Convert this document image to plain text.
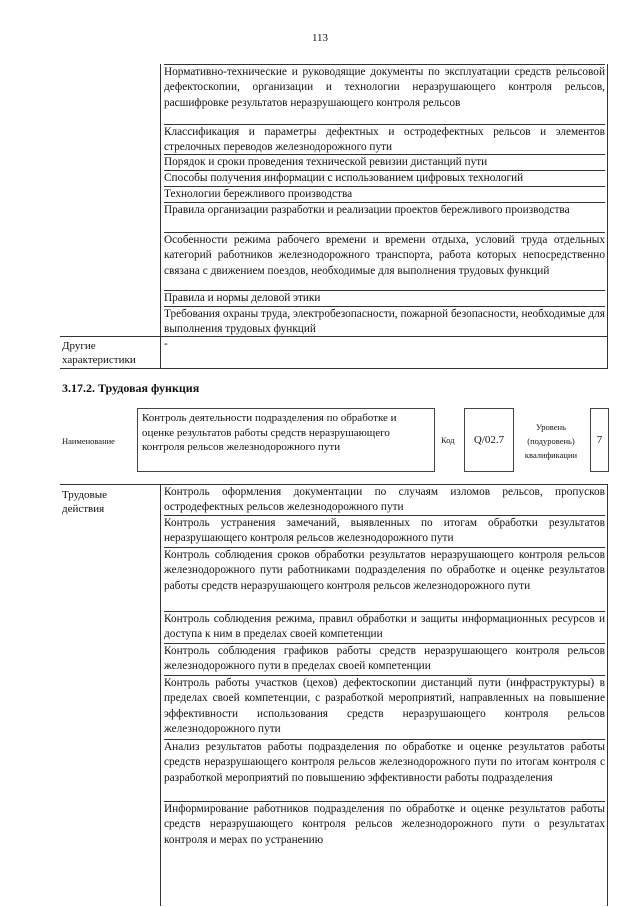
113
Нормативно-технические и руководящие документы по эксплуатации средств рельсовой дефектоскопии, организации и технологии неразрушающего контроля рельсов, расшифровке результатов неразрушающего контроля рельсов
Классификация и параметры дефектных и остродефектных рельсов и элементов стрелочных переводов железнодорожного пути
Порядок и сроки проведения технической ревизии дистанций пути
Способы получения информации с использованием цифровых технологий
Технологии бережливого производства
Правила организации разработки и реализации проектов бережливого производства
Особенности режима рабочего времени и времени отдыха, условий труда отдельных категорий работников железнодорожного транспорта, работа которых непосредственно связана с движением поездов, необходимые для выполнения трудовых функций
Правила и нормы деловой этики
Требования охраны труда, электробезопасности, пожарной безопасности, необходимые для выполнения трудовых функций
Другие характеристики
-
3.17.2. Трудовая функция
Наименование
Контроль деятельности подразделения по обработке и оценке результатов работы средств неразрушающего контроля рельсов железнодорожного пути
Код Q/02.7
Уровень (подуровень) квалификации
7
Трудовые действия
Контроль оформления документации по случаям изломов рельсов, пропусков остродефектных рельсов железнодорожного пути
Контроль устранения замечаний, выявленных по итогам обработки результатов неразрушающего контроля рельсов железнодорожного пути
Контроль соблюдения сроков обработки результатов неразрушающего контроля рельсов железнодорожного пути работниками подразделения по обработке и оценке результатов работы средств неразрушающего контроля рельсов железнодорожного пути
Контроль соблюдения режима, правил обработки и защиты информационных ресурсов и доступа к ним в пределах своей компетенции
Контроль соблюдения графиков работы средств неразрушающего контроля рельсов железнодорожного пути в пределах своей компетенции
Контроль работы участков (цехов) дефектоскопии дистанций пути (инфраструктуры) в пределах своей компетенции, с разработкой мероприятий, направленных на повышение эффективности использования средств неразрушающего контроля рельсов железнодорожного пути
Анализ результатов работы подразделения по обработке и оценке результатов работы средств неразрушающего контроля рельсов железнодорожного пути по итогам контроля с разработкой мероприятий по повышению эффективности работы подразделения
Информирование работников подразделения по обработке и оценке результатов работы средств неразрушающего контроля рельсов железнодорожного пути о результатах контроля и мерах по устранению
